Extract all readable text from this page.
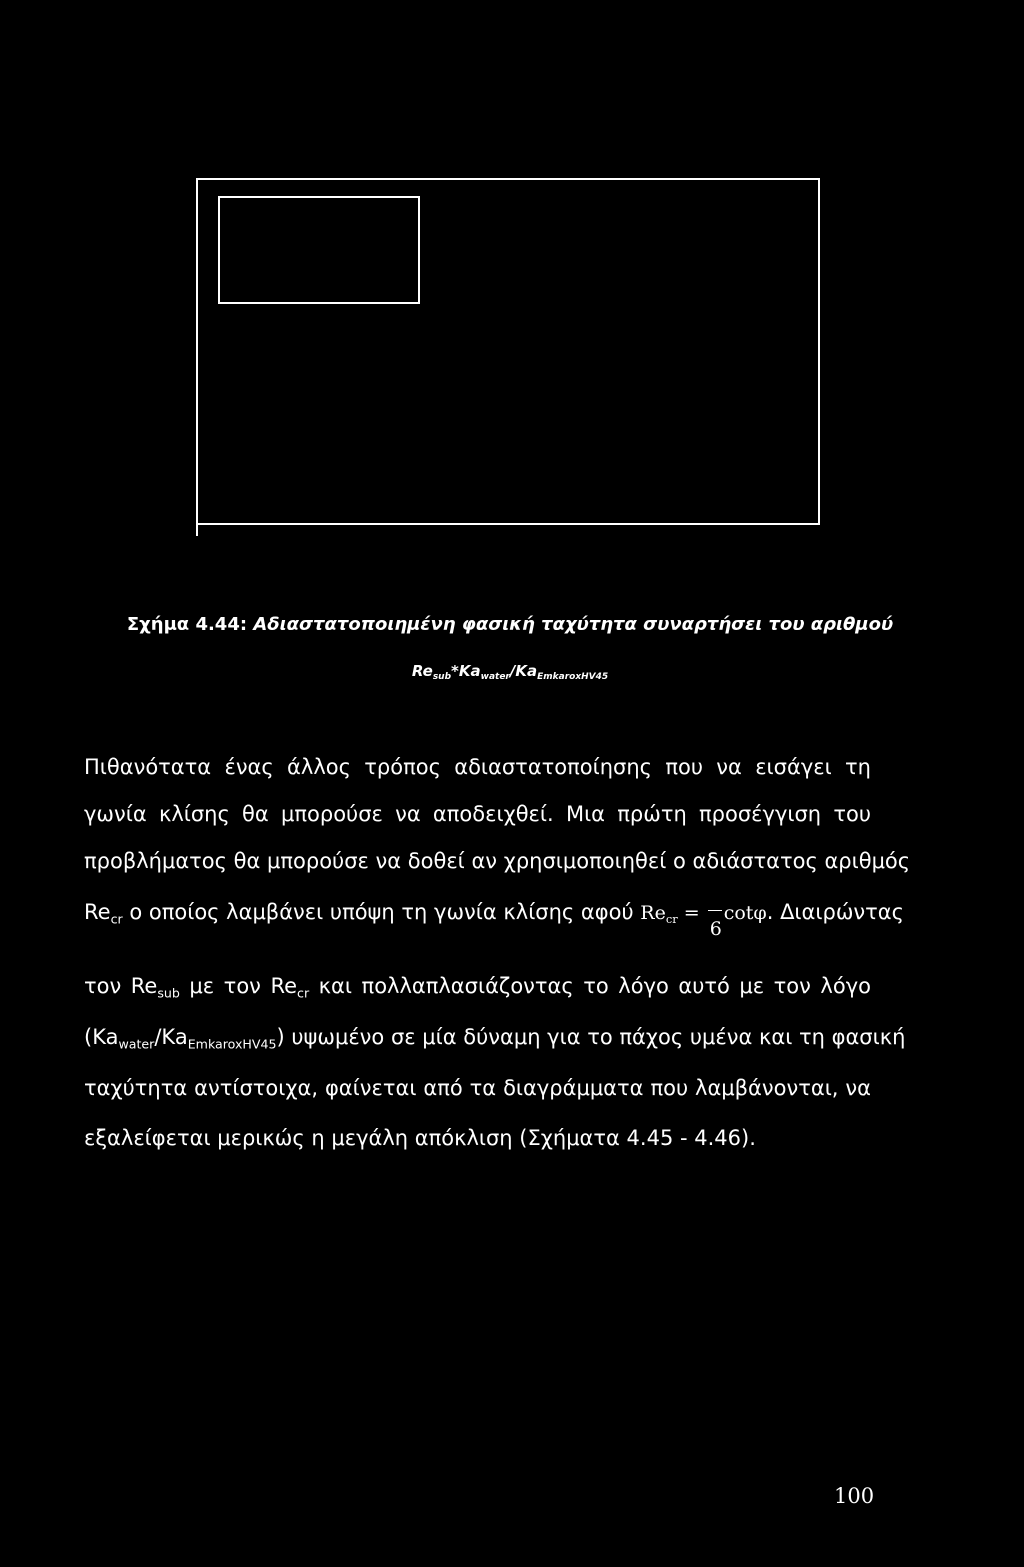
Σχήμα 4.44: Αδιαστατοποιημένη φασική ταχύτητα συναρτήσει του αριθμού
$Re_{sub}*Ka_{water}/Ka_{EmkaroxHV45}$
Πιθανότατα ένας άλλος τρόπος αδιαστατοποίησης που να εισάγει τη
γωνία κλίσης θα μπορούσε να αποδειχθεί. Μια πρώτη προσέγγιση του
προβλήματος θα μπορούσε να δοθεί αν χρησιμοποιηθεί ο αδιάστατος αριθμός
$Re_{cr}$ ο οποίος λαμβάνει υπόψη τη γωνία κλίσης αφού $Re_{cr}$ =
6
cotφ. Διαιρώντας
τον $Re_{sub}$ με τον $Re_{cr}$ και πολλαπλασιάζοντας το λόγο αυτό με τον λόγο
$(Ka_{water}/Ka_{EmkaroxHV45})$ υψωμένο σε μία δύναμη για το πάχος υμένα και τη φασική
ταχύτητα αντίστοιχα, φαίνεται από τα διαγράμματα που λαμβάνονται, να
εξαλείφεται μερικώς η μεγάλη απόκλιση (Σχήματα 4.45 - 4.46).
100
